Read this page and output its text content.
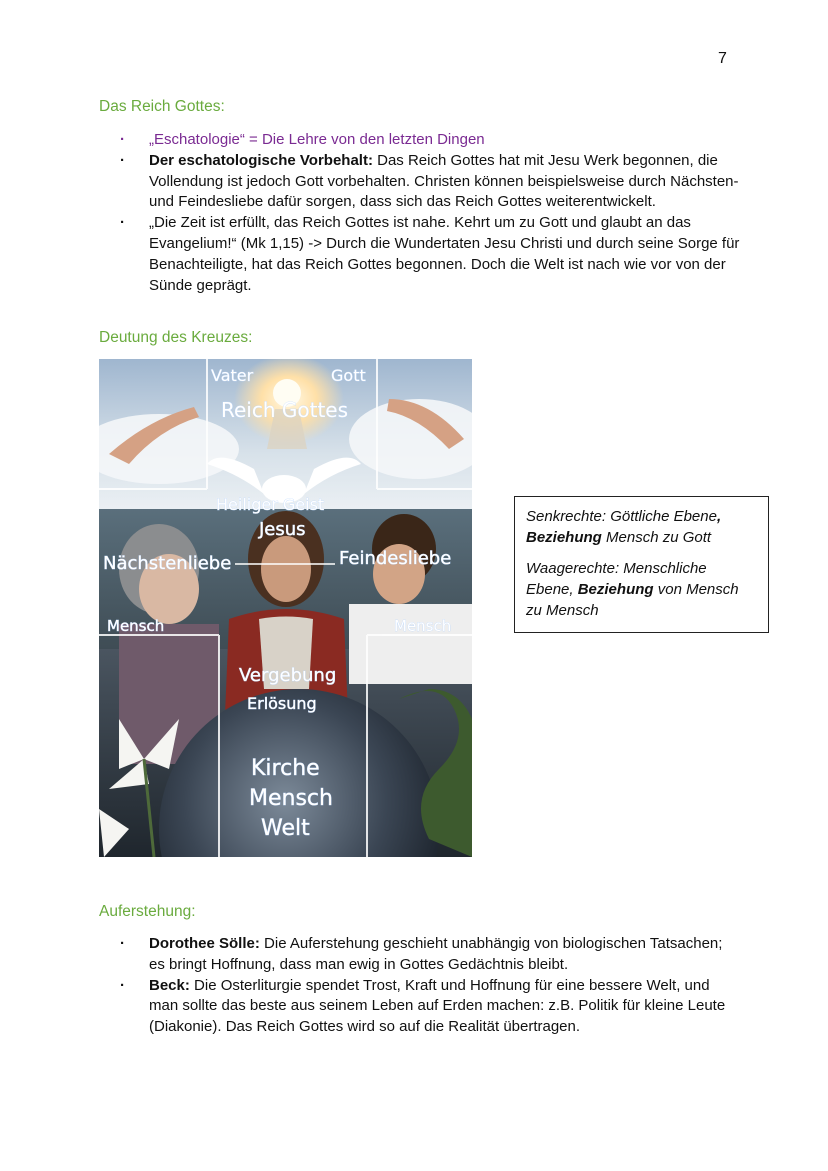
7
Das Reich Gottes:
· „Eschatologie“ = Die Lehre von den letzten Dingen
· Der eschatologische Vorbehalt: Das Reich Gottes hat mit Jesu Werk begonnen, die Vollendung ist jedoch Gott vorbehalten. Christen können beispielsweise durch Nächsten- und Feindesliebe dafür sorgen, dass sich das Reich Gottes weiterentwickelt.
· „Die Zeit ist erfüllt, das Reich Gottes ist nahe. Kehrt um zu Gott und glaubt an das Evangelium!“ (Mk 1,15) -> Durch die Wundertaten Jesu Christi und durch seine Sorge für Benachteiligte, hat das Reich Gottes begonnen. Doch die Welt ist nach wie vor von der Sünde geprägt.
Deutung des Kreuzes:
Vater	Gott
Reich Gottes
Heiliger Geist
Jesus
Nächstenliebe	Feindesliebe
Mensch	Mensch
Vergebung
Erlösung
Kirche
Mensch
Welt

Senkrechte: Göttliche Ebene,
Beziehung Mensch zu Gott

Waagerechte: Menschliche Ebene, Beziehung von Mensch zu Mensch

Auferstehung:
· Dorothee Sölle: Die Auferstehung geschieht unabhängig von biologischen Tatsachen; es bringt Hoffnung, dass man ewig in Gottes Gedächtnis bleibt.
· Beck: Die Osterliturgie spendet Trost, Kraft und Hoffnung für eine bessere Welt, und man sollte das beste aus seinem Leben auf Erden machen: z.B. Politik für kleine Leute (Diakonie). Das Reich Gottes wird so auf die Realität übertragen.
